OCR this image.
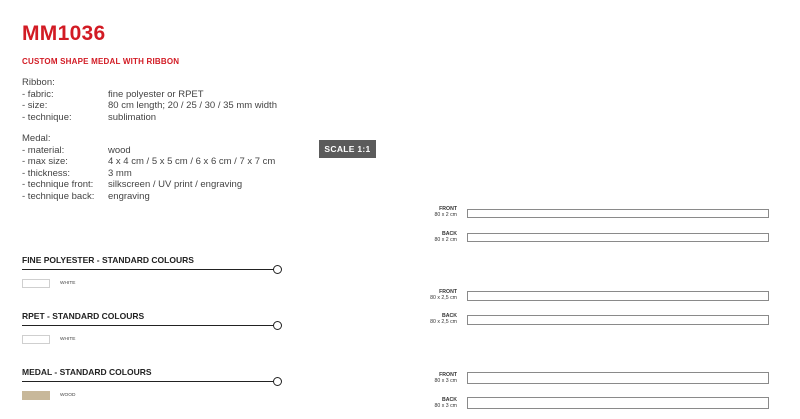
MM1036
CUSTOM SHAPE MEDAL WITH RIBBON
Ribbon:
- fabric:	fine polyester or RPET
- size:	80 cm length; 20 / 25 / 30 / 35 mm width
- technique:	sublimation
Medal:
- material:	wood
- max size:	4 x 4 cm / 5 x 5 cm / 6 x 6 cm / 7 x 7 cm
- thickness:	3 mm
- technique front:	silkscreen / UV print / engraving
- technique back:	engraving
SCALE 1:1
FINE POLYESTER - STANDARD COLOURS
WHITE
RPET - STANDARD COLOURS
WHITE
MEDAL - STANDARD COLOURS
WOOD
FRONT
80 x 2 cm
BACK
80 x 2 cm
FRONT
80 x 2,5 cm
BACK
80 x 2,5 cm
FRONT
80 x 3 cm
BACK
80 x 3 cm
